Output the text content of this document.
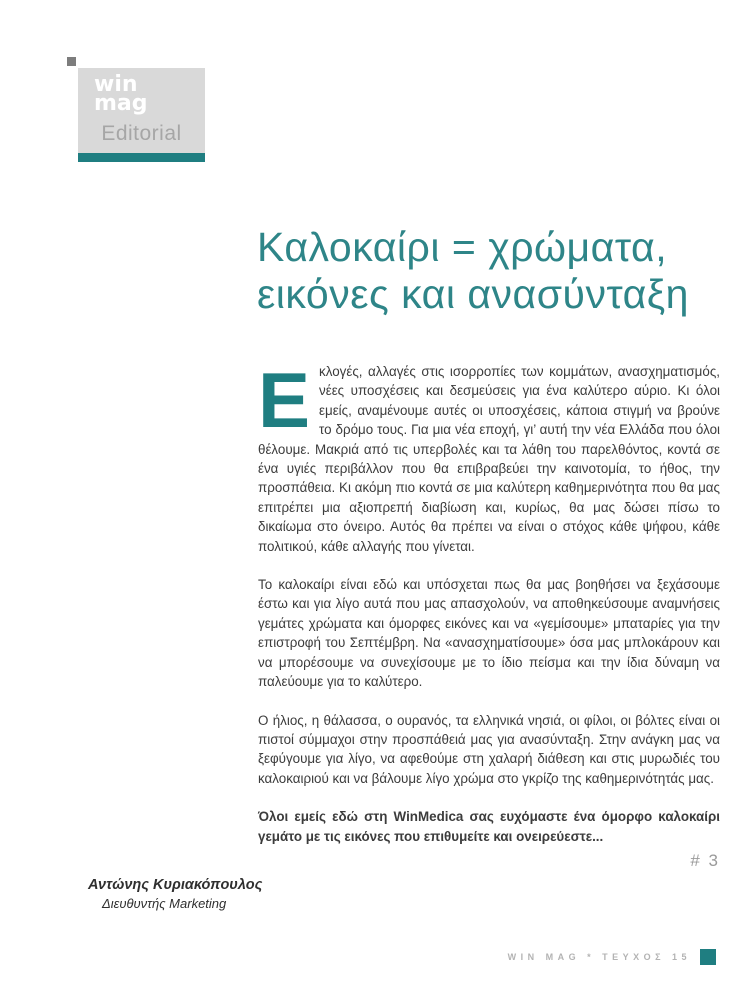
win
mag
Editorial
Καλοκαίρι = χρώματα,
εικόνες και ανασύνταξη

Εκλογές, αλλαγές στις ισορροπίες των κομμάτων, ανασχηματισμός, νέες υποσχέσεις και δεσμεύσεις για ένα καλύτερο αύριο. Κι όλοι εμείς, αναμένουμε αυτές οι υποσχέσεις, κάποια στιγμή να βρούνε το δρόμο τους. Για μια νέα εποχή, γι’ αυτή την νέα Ελλάδα που όλοι θέλουμε. Μακριά από τις υπερβολές και τα λάθη του παρελθόντος, κοντά σε ένα υγιές περιβάλλον που θα επιβραβεύει την καινοτομία, το ήθος, την προσπάθεια. Κι ακόμη πιο κοντά σε μια καλύτερη καθημερινότητα που θα μας επιτρέπει μια αξιοπρεπή διαβίωση και, κυρίως, θα μας δώσει πίσω το δικαίωμα στο όνειρο. Αυτός θα πρέπει να είναι ο στόχος κάθε ψήφου, κάθε πολιτικού, κάθε αλλαγής που γίνεται.

Το καλοκαίρι είναι εδώ και υπόσχεται πως θα μας βοηθήσει να ξεχάσουμε έστω και για λίγο αυτά που μας απασχολούν, να αποθηκεύσουμε αναμνήσεις γεμάτες χρώματα και όμορφες εικόνες και να «γεμίσουμε» μπαταρίες για την επιστροφή του Σεπτέμβρη. Να «ανασχηματίσουμε» όσα μας μπλοκάρουν και να μπορέσουμε να συνεχίσουμε με το ίδιο πείσμα και την ίδια δύναμη να παλεύουμε για το καλύτερο.

Ο ήλιος, η θάλασσα, ο ουρανός, τα ελληνικά νησιά, οι φίλοι, οι βόλτες είναι οι πιστοί σύμμαχοι στην προσπάθειά μας για ανασύνταξη. Στην ανάγκη μας να ξεφύγουμε για λίγο, να αφεθούμε στη χαλαρή διάθεση και στις μυρωδιές του καλοκαιριού και να βάλουμε λίγο χρώμα στο γκρίζο της καθημερινότητάς μας.

Όλοι εμείς εδώ στη WinMedica σας ευχόμαστε ένα όμορφο καλοκαίρι γεμάτο με τις εικόνες που επιθυμείτε και ονειρεύεστε...

# 3
Αντώνης Κυριακόπουλος
Διευθυντής Marketing
WIN MAG * ΤΕΥΧΟΣ 15
